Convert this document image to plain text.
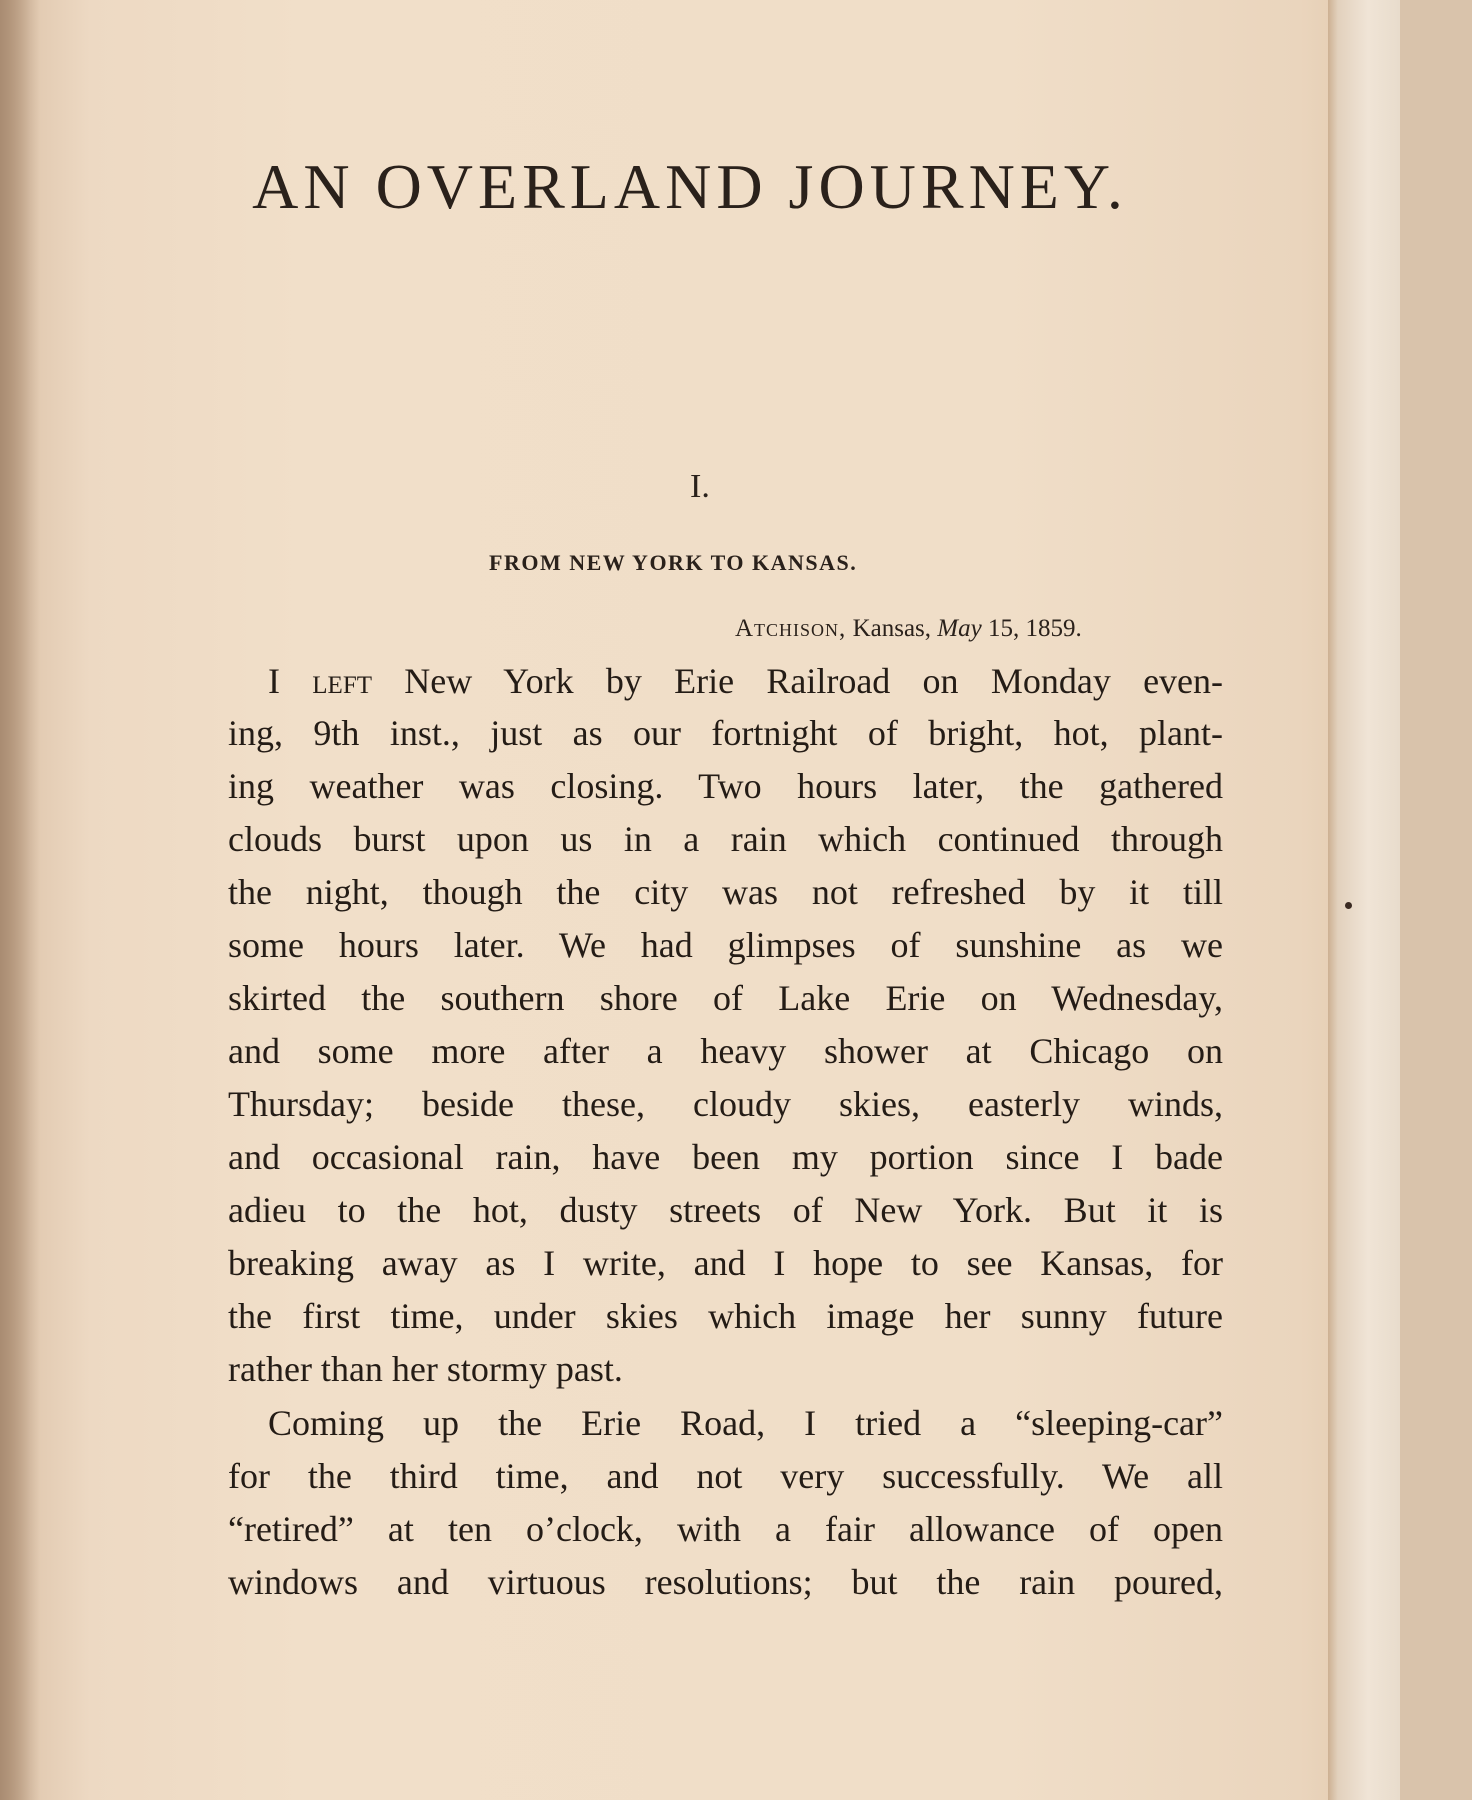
AN OVERLAND JOURNEY.
I.
FROM NEW YORK TO KANSAS.
Atchison, Kansas, May 15, 1859.
I left New York by Erie Railroad on Monday even-
ing, 9th inst., just as our fortnight of bright, hot, plant-
ing weather was closing. Two hours later, the gathered
clouds burst upon us in a rain which continued through
the night, though the city was not refreshed by it till
some hours later. We had glimpses of sunshine as we
skirted the southern shore of Lake Erie on Wednesday,
and some more after a heavy shower at Chicago on
Thursday; beside these, cloudy skies, easterly winds,
and occasional rain, have been my portion since I bade
adieu to the hot, dusty streets of New York. But it is
breaking away as I write, and I hope to see Kansas, for
the first time, under skies which image her sunny future
rather than her stormy past.
Coming up the Erie Road, I tried a “sleeping-car”
for the third time, and not very successfully. We all
“retired” at ten o’clock, with a fair allowance of open
windows and virtuous resolutions; but the rain poured,
